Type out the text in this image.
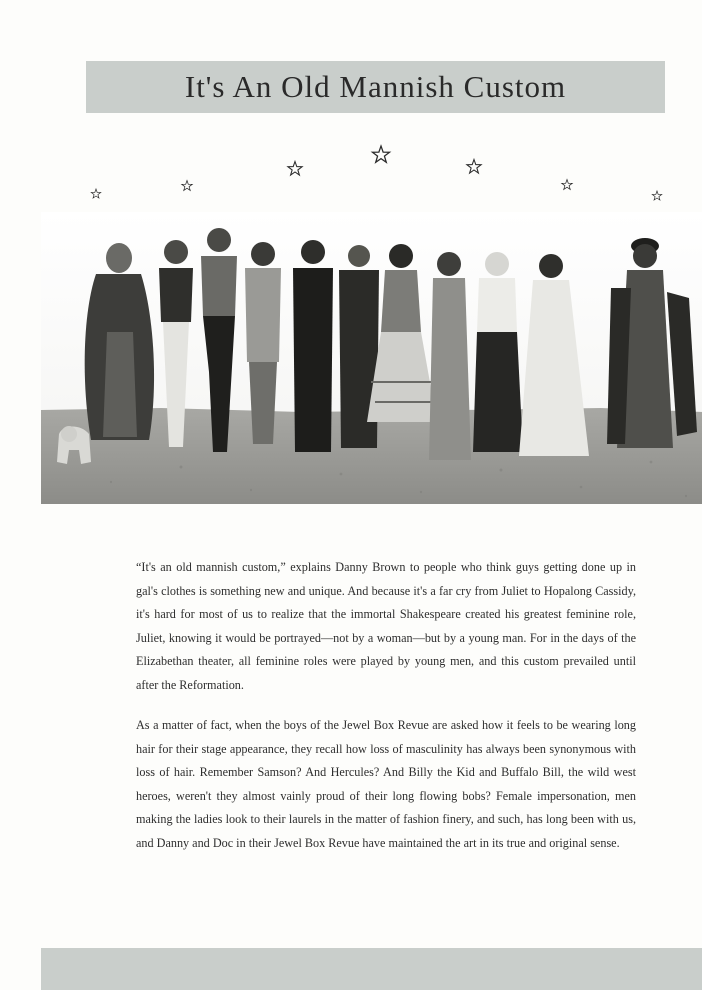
It's An Old Mannish Custom

“It's an old mannish custom,” explains Danny Brown to people who think guys getting done up in gal's clothes is something new and unique. And because it's a far cry from Juliet to Hopalong Cassidy, it's hard for most of us to realize that the immortal Shakespeare created his greatest feminine role, Juliet, knowing it would be portrayed—not by a woman—but by a young man. For in the days of the Elizabethan theater, all feminine roles were played by young men, and this custom prevailed until after the Reformation.

As a matter of fact, when the boys of the Jewel Box Revue are asked how it feels to be wearing long hair for their stage appearance, they recall how loss of masculinity has always been synonymous with loss of hair. Remember Samson? And Hercules? And Billy the Kid and Buffalo Bill, the wild west heroes, weren't they almost vainly proud of their long flowing bobs? Female impersonation, men making the ladies look to their laurels in the matter of fashion finery, and such, has long been with us, and Danny and Doc in their Jewel Box Revue have maintained the art in its true and original sense.
